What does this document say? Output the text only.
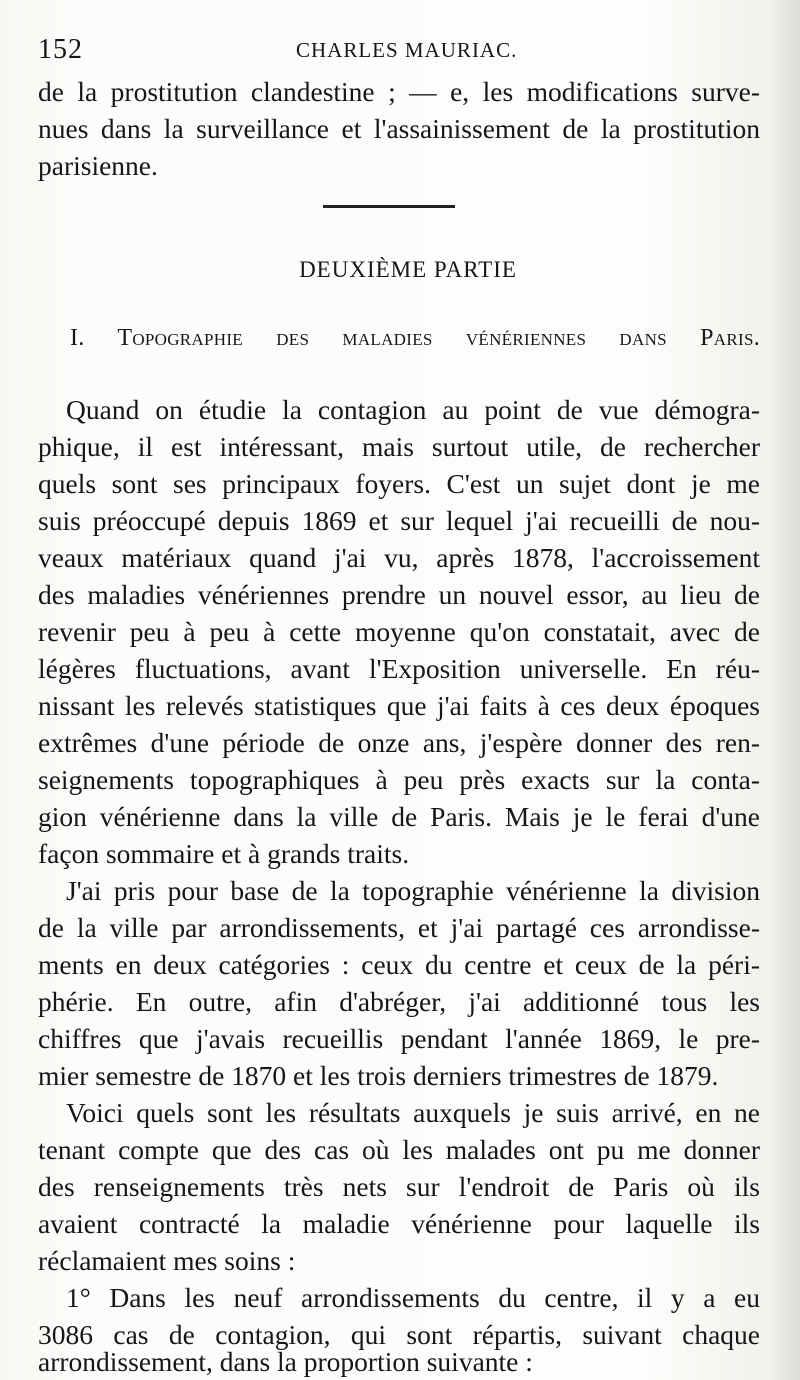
152	CHARLES MAURIAC.
de la prostitution clandestine ; — e, les modifications surve-
nues dans la surveillance et l'assainissement de la prostitution
parisienne.
DEUXIÈME PARTIE
I. Topographie des maladies vénériennes dans Paris.
Quand on étudie la contagion au point de vue démogra-
phique, il est intéressant, mais surtout utile, de rechercher
quels sont ses principaux foyers. C'est un sujet dont je me
suis préoccupé depuis 1869 et sur lequel j'ai recueilli de nou-
veaux matériaux quand j'ai vu, après 1878, l'accroissement
des maladies vénériennes prendre un nouvel essor, au lieu de
revenir peu à peu à cette moyenne qu'on constatait, avec de
légères fluctuations, avant l'Exposition universelle. En réu-
nissant les relevés statistiques que j'ai faits à ces deux époques
extrêmes d'une période de onze ans, j'espère donner des ren-
seignements topographiques à peu près exacts sur la conta-
gion vénérienne dans la ville de Paris. Mais je le ferai d'une
façon sommaire et à grands traits.
J'ai pris pour base de la topographie vénérienne la division
de la ville par arrondissements, et j'ai partagé ces arrondisse-
ments en deux catégories : ceux du centre et ceux de la péri-
phérie. En outre, afin d'abréger, j'ai additionné tous les
chiffres que j'avais recueillis pendant l'année 1869, le pre-
mier semestre de 1870 et les trois derniers trimestres de 1879.
Voici quels sont les résultats auxquels je suis arrivé, en ne
tenant compte que des cas où les malades ont pu me donner
des renseignements très nets sur l'endroit de Paris où ils
avaient contracté la maladie vénérienne pour laquelle ils
réclamaient mes soins :
1° Dans les neuf arrondissements du centre, il y a eu
3086 cas de contagion, qui sont répartis, suivant chaque
arrondissement, dans la proportion suivante :
